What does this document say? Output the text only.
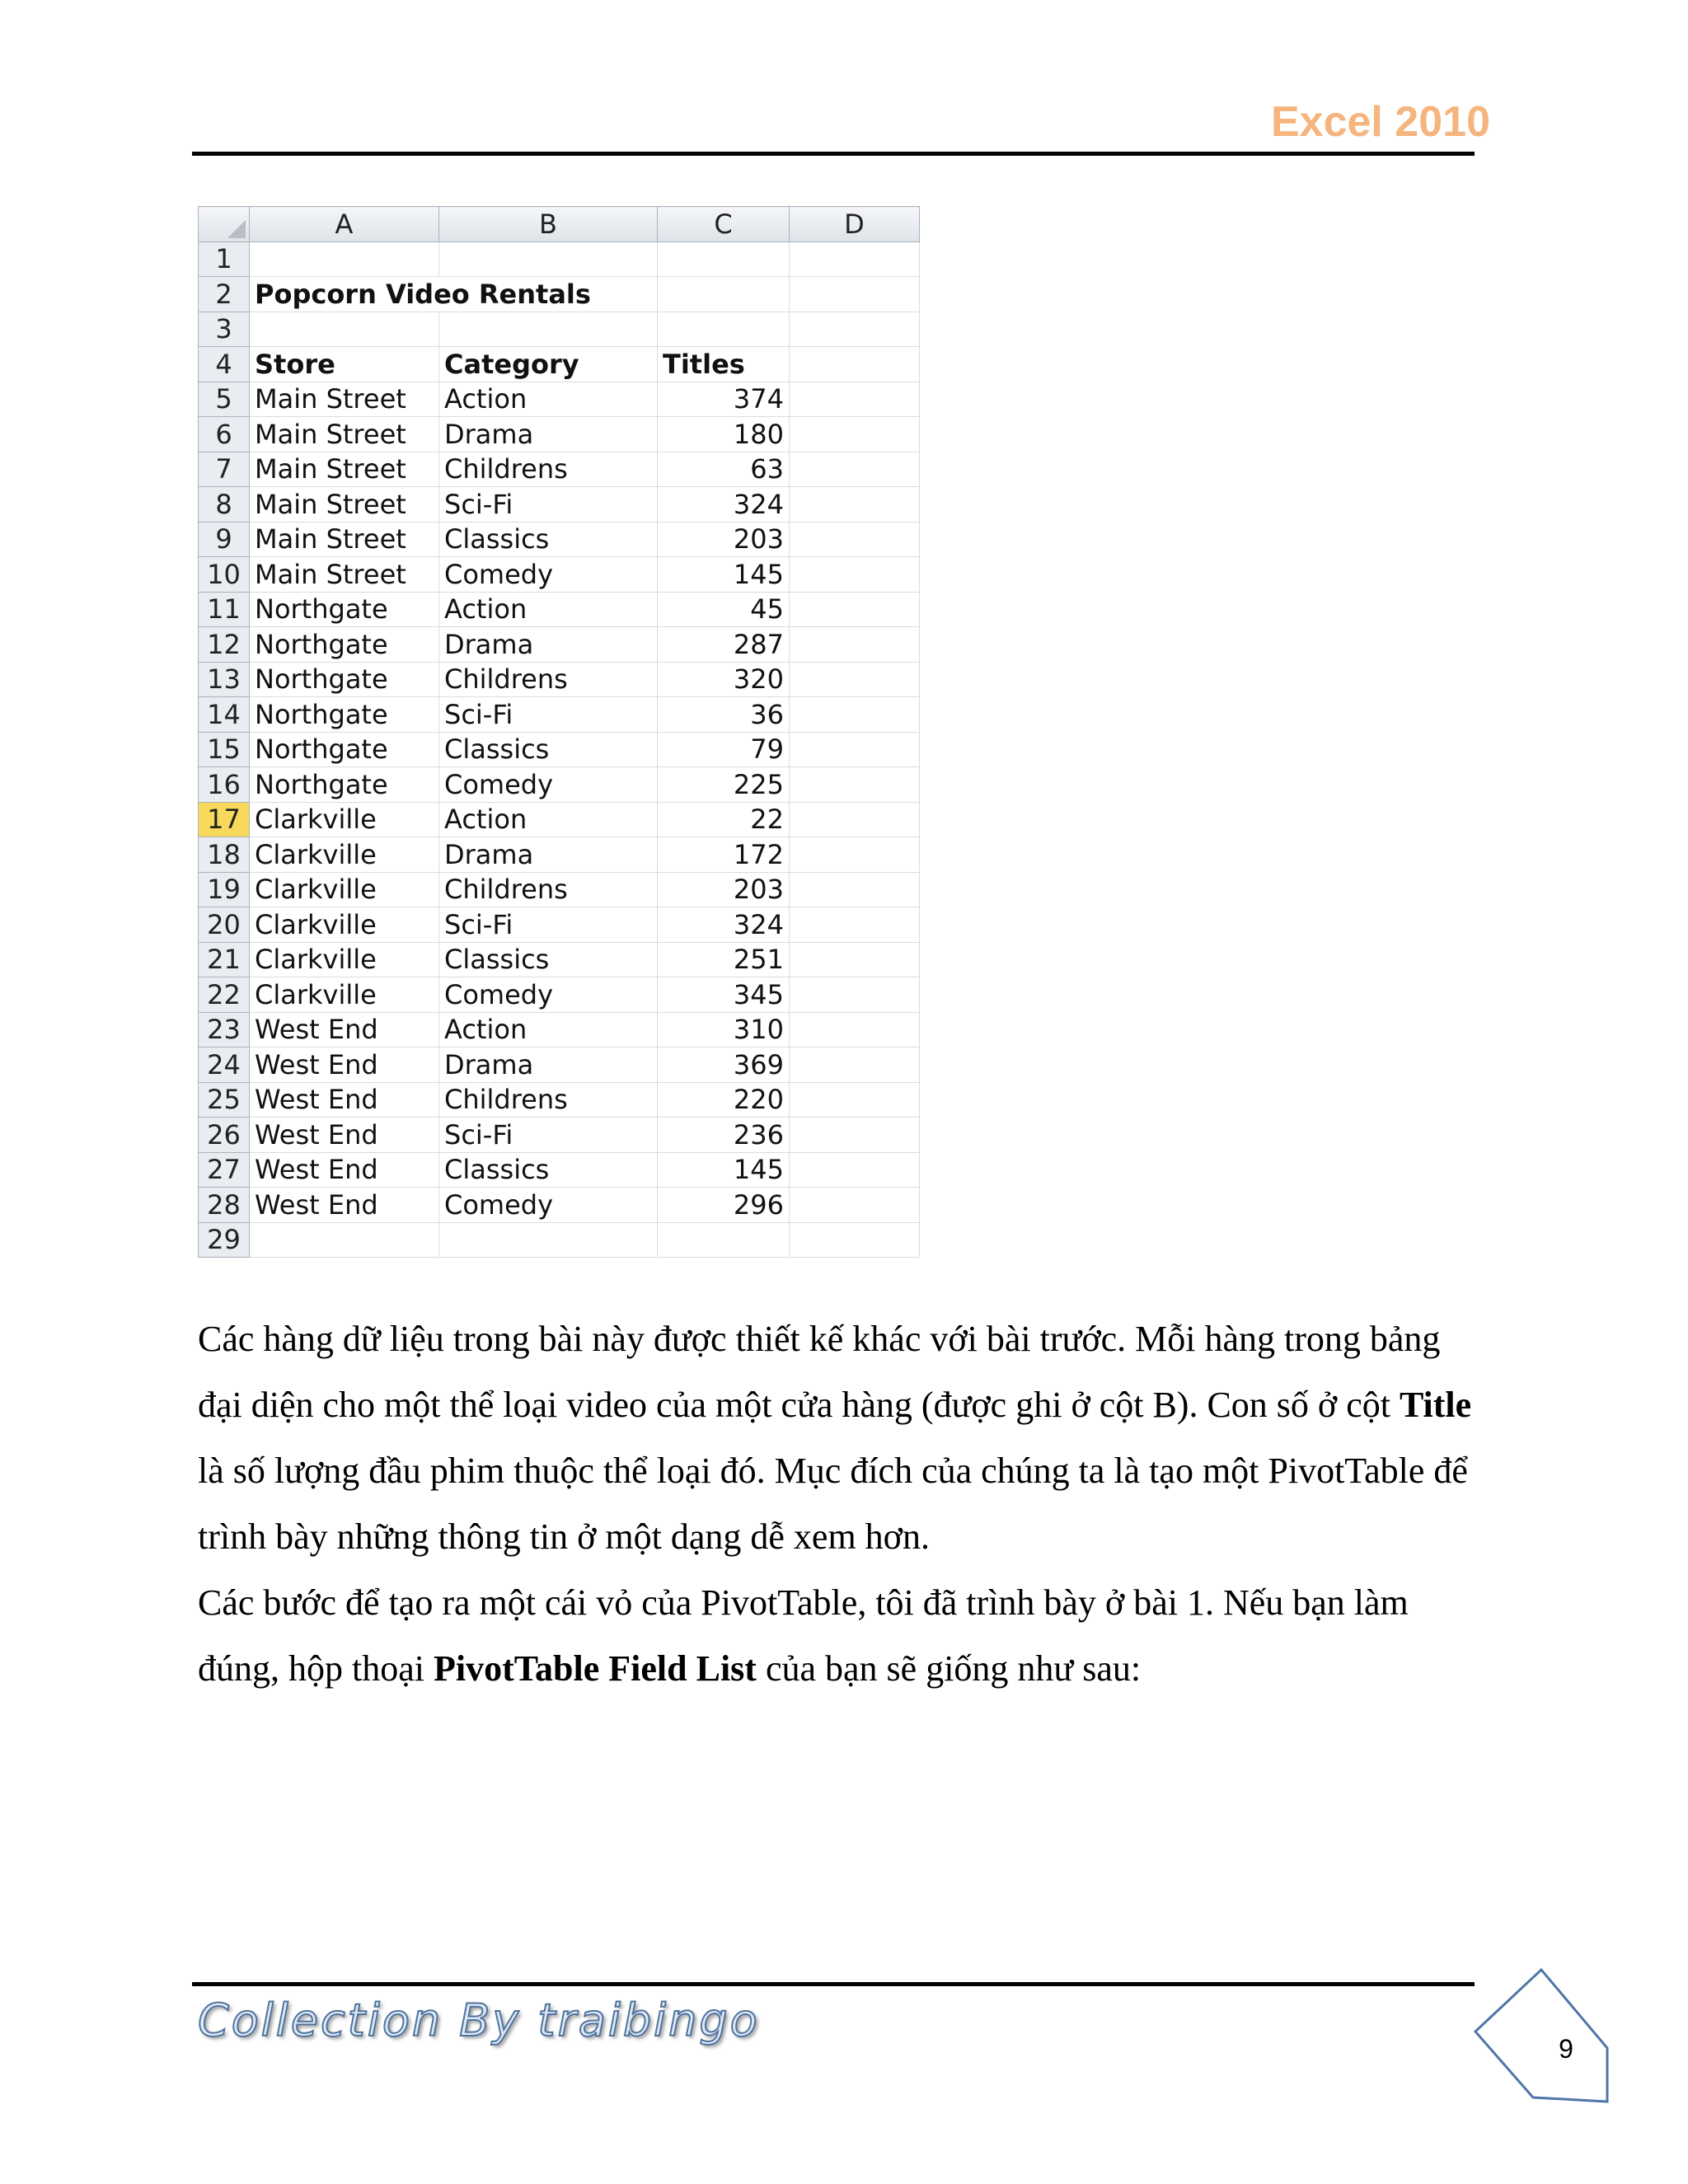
Excel 2010
	A	B	C	D
1				
2	Popcorn Video Rentals			
3				
4	Store	Category	Titles	
5	Main Street	Action	374	
6	Main Street	Drama	180	
7	Main Street	Childrens	63	
8	Main Street	Sci-Fi	324	
9	Main Street	Classics	203	
10	Main Street	Comedy	145	
11	Northgate	Action	45	
12	Northgate	Drama	287	
13	Northgate	Childrens	320	
14	Northgate	Sci-Fi	36	
15	Northgate	Classics	79	
16	Northgate	Comedy	225	
17	Clarkville	Action	22	
18	Clarkville	Drama	172	
19	Clarkville	Childrens	203	
20	Clarkville	Sci-Fi	324	
21	Clarkville	Classics	251	
22	Clarkville	Comedy	345	
23	West End	Action	310	
24	West End	Drama	369	
25	West End	Childrens	220	
26	West End	Sci-Fi	236	
27	West End	Classics	145	
28	West End	Comedy	296	
29				

Các hàng dữ liệu trong bài này được thiết kế khác với bài trước. Mỗi hàng trong bảng đại diện cho một thể loại video của một cửa hàng (được ghi ở cột B). Con số ở cột Title là số lượng đầu phim thuộc thể loại đó. Mục đích của chúng ta là tạo một PivotTable để trình bày những thông tin ở một dạng dễ xem hơn.

Các bước để tạo ra một cái vỏ của PivotTable, tôi đã trình bày ở bài 1. Nếu bạn làm đúng, hộp thoại PivotTable Field List của bạn sẽ giống như sau:

Collection By traibingo
9
